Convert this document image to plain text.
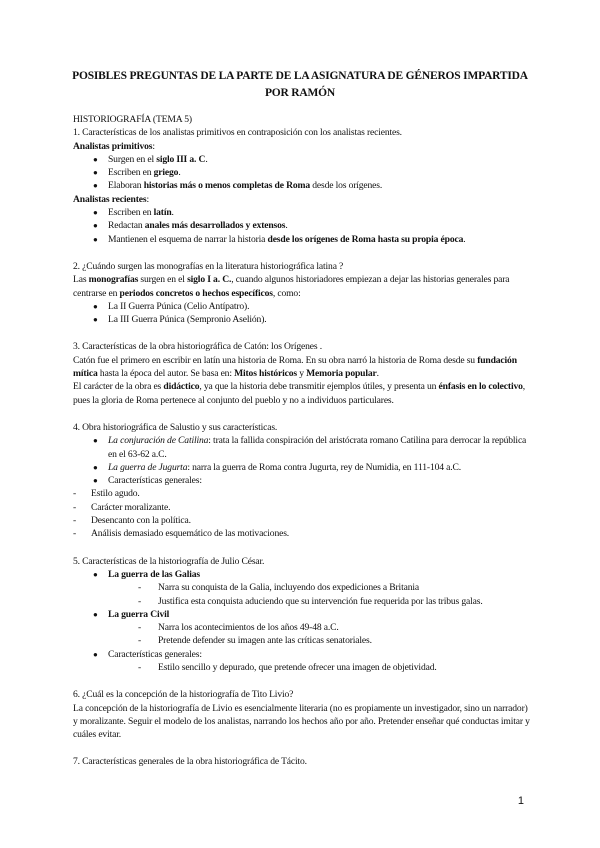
POSIBLES PREGUNTAS DE LA PARTE DE LA ASIGNATURA DE GÉNEROS IMPARTIDA POR RAMÓN

HISTORIOGRAFÍA (TEMA 5)

1. Características de los analistas primitivos en contraposición con los analistas recientes.

Analistas primitivos:

● Surgen en el siglo III a. C.
● Escriben en griego.
● Elaboran historias más o menos completas de Roma desde los orígenes.

Analistas recientes:

● Escriben en latín.
● Redactan anales más desarrollados y extensos.
● Mantienen el esquema de narrar la historia desde los orígenes de Roma hasta su propia época.

2. ¿Cuándo surgen las monografías en la literatura historiográfica latina ?

Las monografías surgen en el siglo I a. C., cuando algunos historiadores empiezan a dejar las historias generales para centrarse en periodos concretos o hechos específicos, como:

● La II Guerra Púnica (Celio Antípatro).
● La III Guerra Púnica (Sempronio Aselión).

3. Características de la obra historiográfica de Catón: los Orígenes .

Catón fue el primero en escribir en latín una historia de Roma. En su obra narró la historia de Roma desde su fundación mítica hasta la época del autor. Se basa en: Mitos históricos y Memoria popular.

El carácter de la obra es didáctico, ya que la historia debe transmitir ejemplos útiles, y presenta un énfasis en lo colectivo, pues la gloria de Roma pertenece al conjunto del pueblo y no a individuos particulares.

4. Obra historiográfica de Salustio y sus características.

● La conjuración de Catilina: trata la fallida conspiración del aristócrata romano Catilina para derrocar la república en el 63-62 a.C.
● La guerra de Jugurta: narra la guerra de Roma contra Jugurta, rey de Numidia, en 111-104 a.C.
● Características generales:
- Estilo agudo.
- Carácter moralizante.
- Desencanto con la política.
- Análisis demasiado esquemático de las motivaciones.

5. Características de la historiografía de Julio César.

● La guerra de las Galias
- Narra su conquista de la Galia, incluyendo dos expediciones a Britania
- Justifica esta conquista aduciendo que su intervención fue requerida por las tribus galas.
● La guerra Civil
- Narra los acontecimientos de los años 49-48 a.C.
- Pretende defender su imagen ante las críticas senatoriales.
● Características generales:
- Estilo sencillo y depurado, que pretende ofrecer una imagen de objetividad.

6. ¿Cuál es la concepción de la historiografía de Tito Livio?

La concepción de la historiografía de Livio es esencialmente literaria (no es propiamente un investigador, sino un narrador) y moralizante. Seguir el modelo de los analistas, narrando los hechos año por año. Pretender enseñar qué conductas imitar y cuáles evitar.

7. Características generales de la obra historiográfica de Tácito.

1
